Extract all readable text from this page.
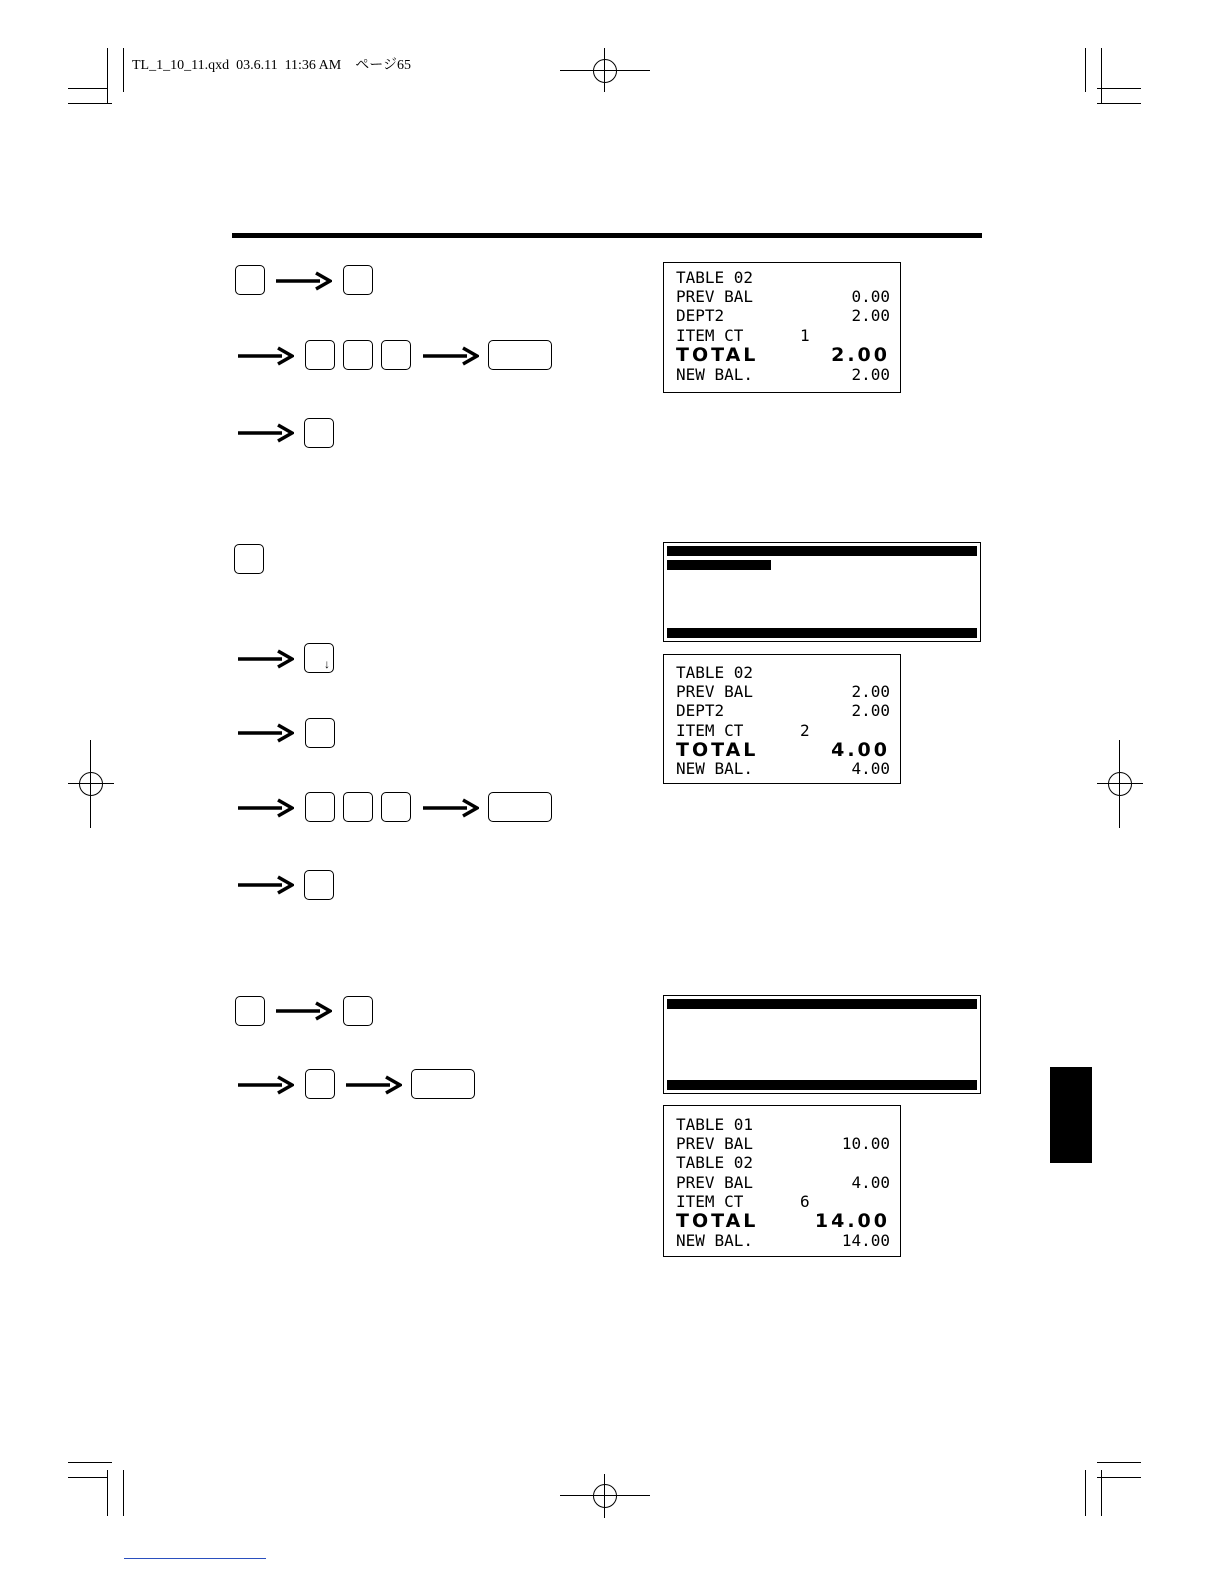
TL_1_10_11.qxd  03.6.11  11:36 AM    ページ65
TABLE 02
PREV BAL	0.00
DEPT2	2.00
ITEM CT	1
TOTAL	2.00
NEW BAL.	2.00
↓	TABLE 02
PREV BAL	2.00
DEPT2	2.00
ITEM CT	2
TOTAL	4.00
NEW BAL.	4.00
TABLE 01
PREV BAL	10.00
TABLE 02
PREV BAL	4.00
ITEM CT	6
TOTAL	14.00
NEW BAL.	14.00
